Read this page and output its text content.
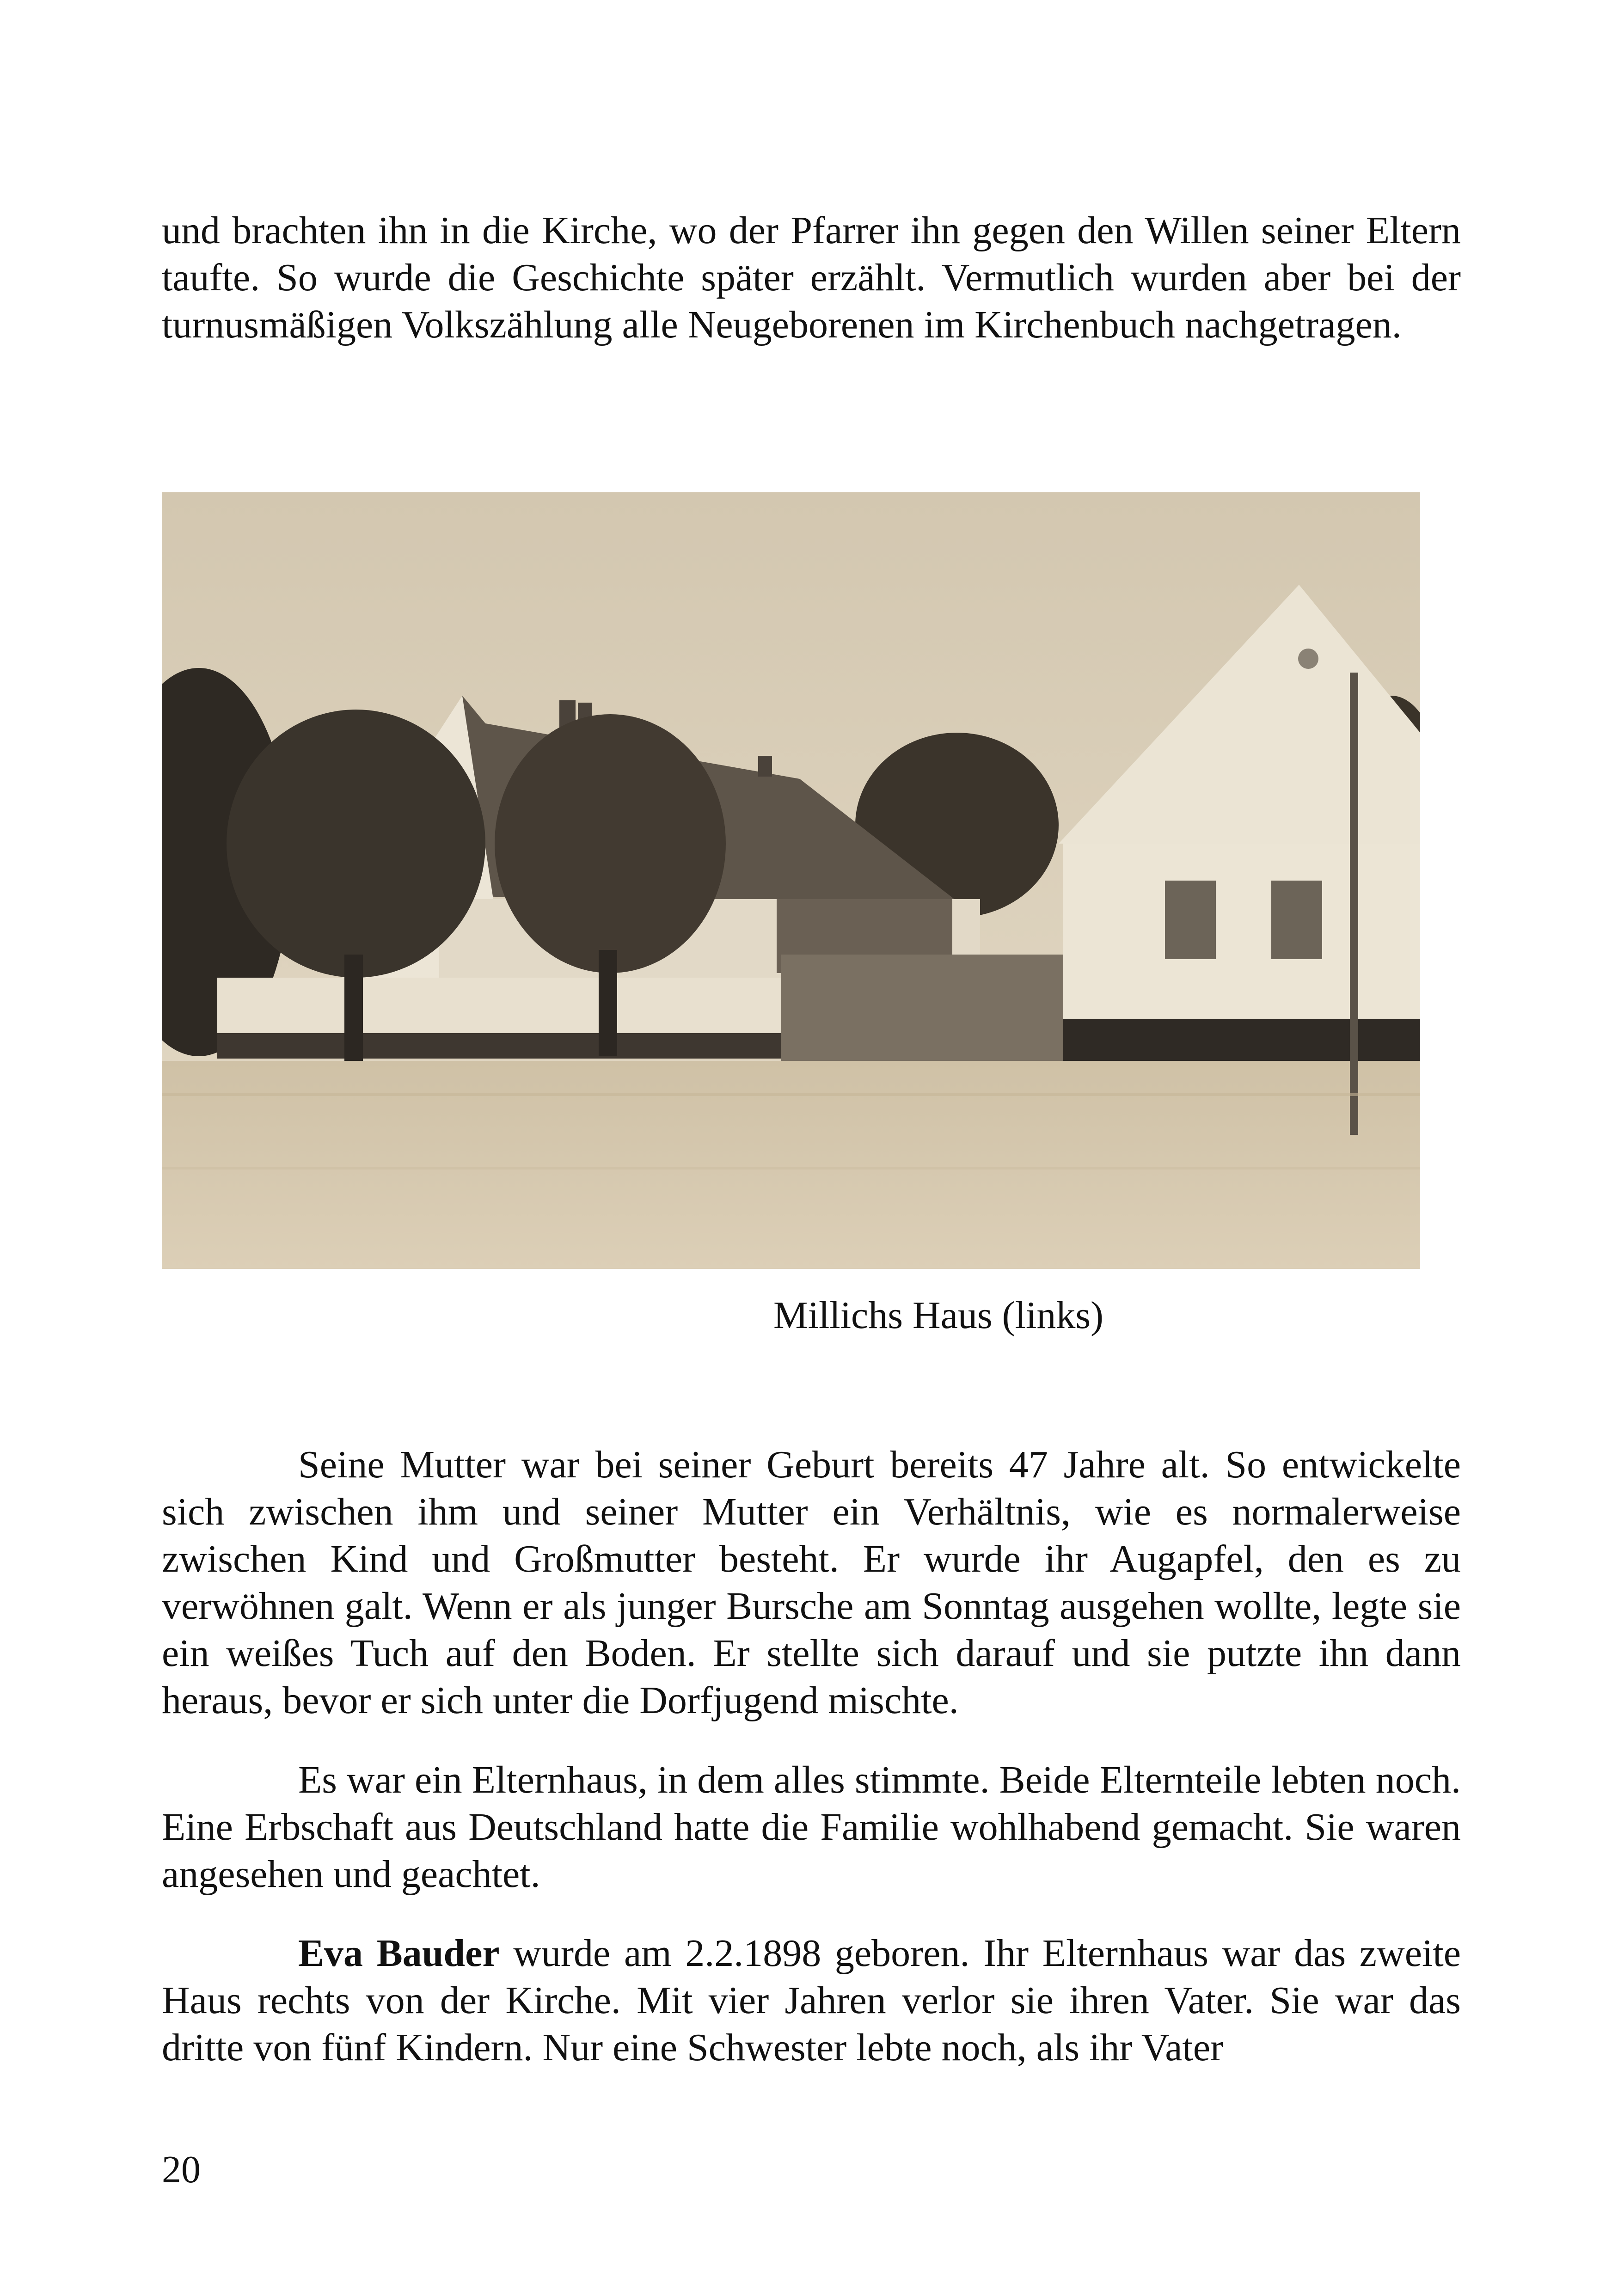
und brachten ihn in die Kirche, wo der Pfarrer ihn gegen den Willen seiner Eltern taufte. So wurde die Geschichte später erzählt. Vermutlich wurden aber bei der turnusmäßigen Volkszählung alle Neugeborenen im Kirchenbuch nachgetragen.

Millichs Haus (links)

Seine Mutter war bei seiner Geburt bereits 47 Jahre alt. So entwickelte sich zwischen ihm und seiner Mutter ein Verhältnis, wie es normalerweise zwischen Kind und Großmutter besteht. Er wurde ihr Augapfel, den es zu verwöhnen galt. Wenn er als junger Bursche am Sonntag ausgehen wollte, legte sie ein weißes Tuch auf den Boden. Er stellte sich darauf und sie putzte ihn dann heraus, bevor er sich unter die Dorfjugend mischte.

Es war ein Elternhaus, in dem alles stimmte. Beide Elternteile lebten noch. Eine Erbschaft aus Deutschland hatte die Familie wohlhabend gemacht. Sie waren angesehen und geachtet.

Eva Bauder wurde am 2.2.1898 geboren. Ihr Elternhaus war das zweite Haus rechts von der Kirche. Mit vier Jahren verlor sie ihren Vater. Sie war das dritte von fünf Kindern. Nur eine Schwester lebte noch, als ihr Vater

20
